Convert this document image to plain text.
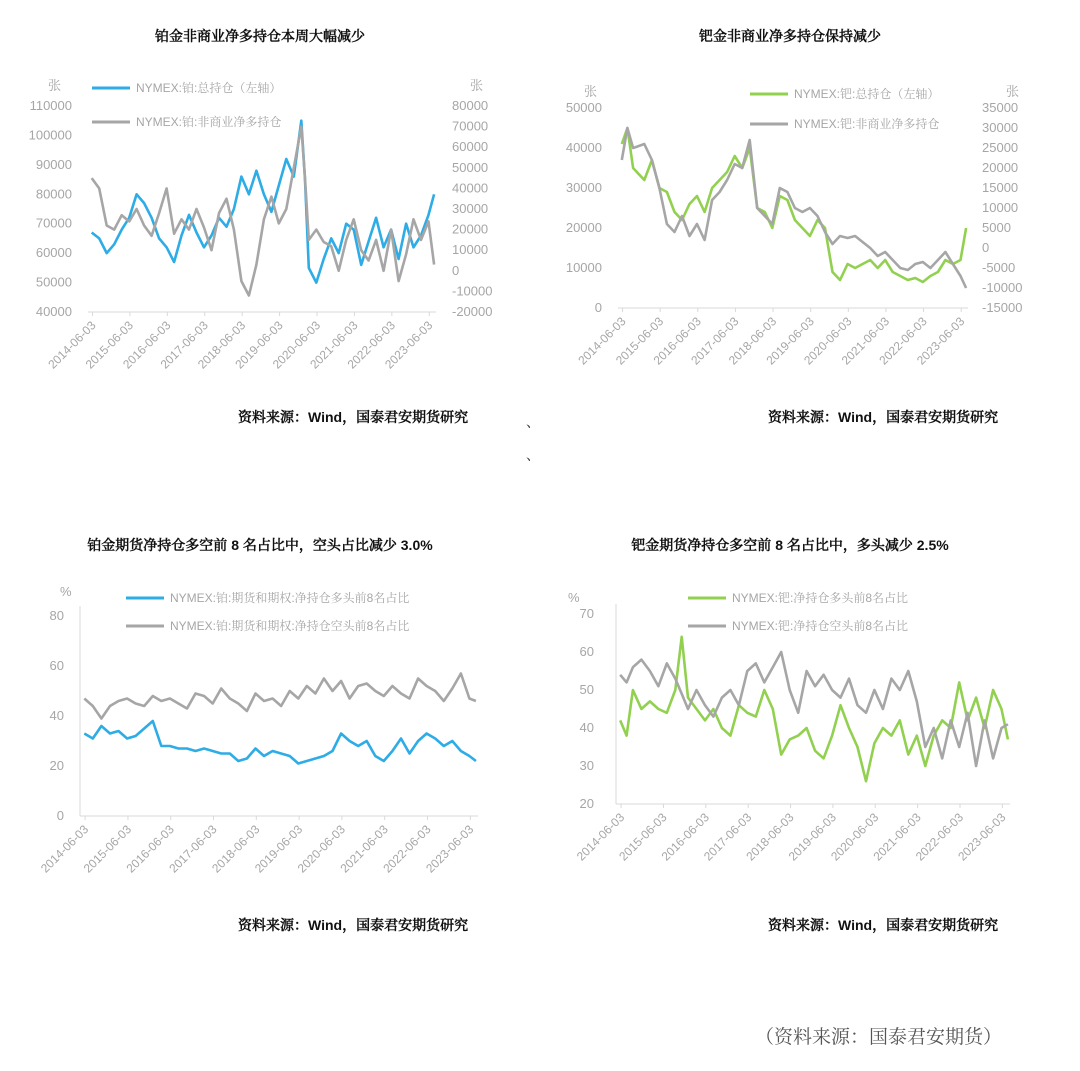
铂金非商业净多持仓本周大幅减少	钯金非商业净多持仓保持减少
铂金期货净持仓多空前 8 名占比中，空头占比减少 3.0%	钯金期货净持仓多空前 8 名占比中，多头减少 2.5%
张	张
40000
50000
60000
70000
80000
90000
100000
110000
-20000
-10000
0
10000
20000
30000
40000
50000
60000
70000
80000
2014-06-03
2015-06-03
2016-06-03
2017-06-03
2018-06-03
2019-06-03
2020-06-03
2021-06-03
2022-06-03
2023-06-03
NYMEX:铂:总持仓（左轴）
NYMEX:铂:非商业净多持仓
张	张
0
10000
20000
30000
40000
50000
-15000
-10000
-5000
0
5000
10000
15000
20000
25000
30000
35000
2014-06-03
2015-06-03
2016-06-03
2017-06-03
2018-06-03
2019-06-03
2020-06-03
2021-06-03
2022-06-03
2023-06-03
NYMEX:钯:总持仓（左轴）
NYMEX:钯:非商业净多持仓
%
0
20
40
60
80
2014-06-03
2015-06-03
2016-06-03
2017-06-03
2018-06-03
2019-06-03
2020-06-03
2021-06-03
2022-06-03
2023-06-03
NYMEX:铂:期货和期权:净持仓多头前8名占比
NYMEX:铂:期货和期权:净持仓空头前8名占比
%
20
30
40
50
60
70
2014-06-03
2015-06-03
2016-06-03
2017-06-03
2018-06-03
2019-06-03
2020-06-03
2021-06-03
2022-06-03
2023-06-03
NYMEX:钯:净持仓多头前8名占比
NYMEX:钯:净持仓空头前8名占比
资料来源：Wind，国泰君安期货研究	资料来源：Wind，国泰君安期货研究
资料来源：Wind，国泰君安期货研究	资料来源：Wind，国泰君安期货研究
、
、
（资料来源：国泰君安期货）
